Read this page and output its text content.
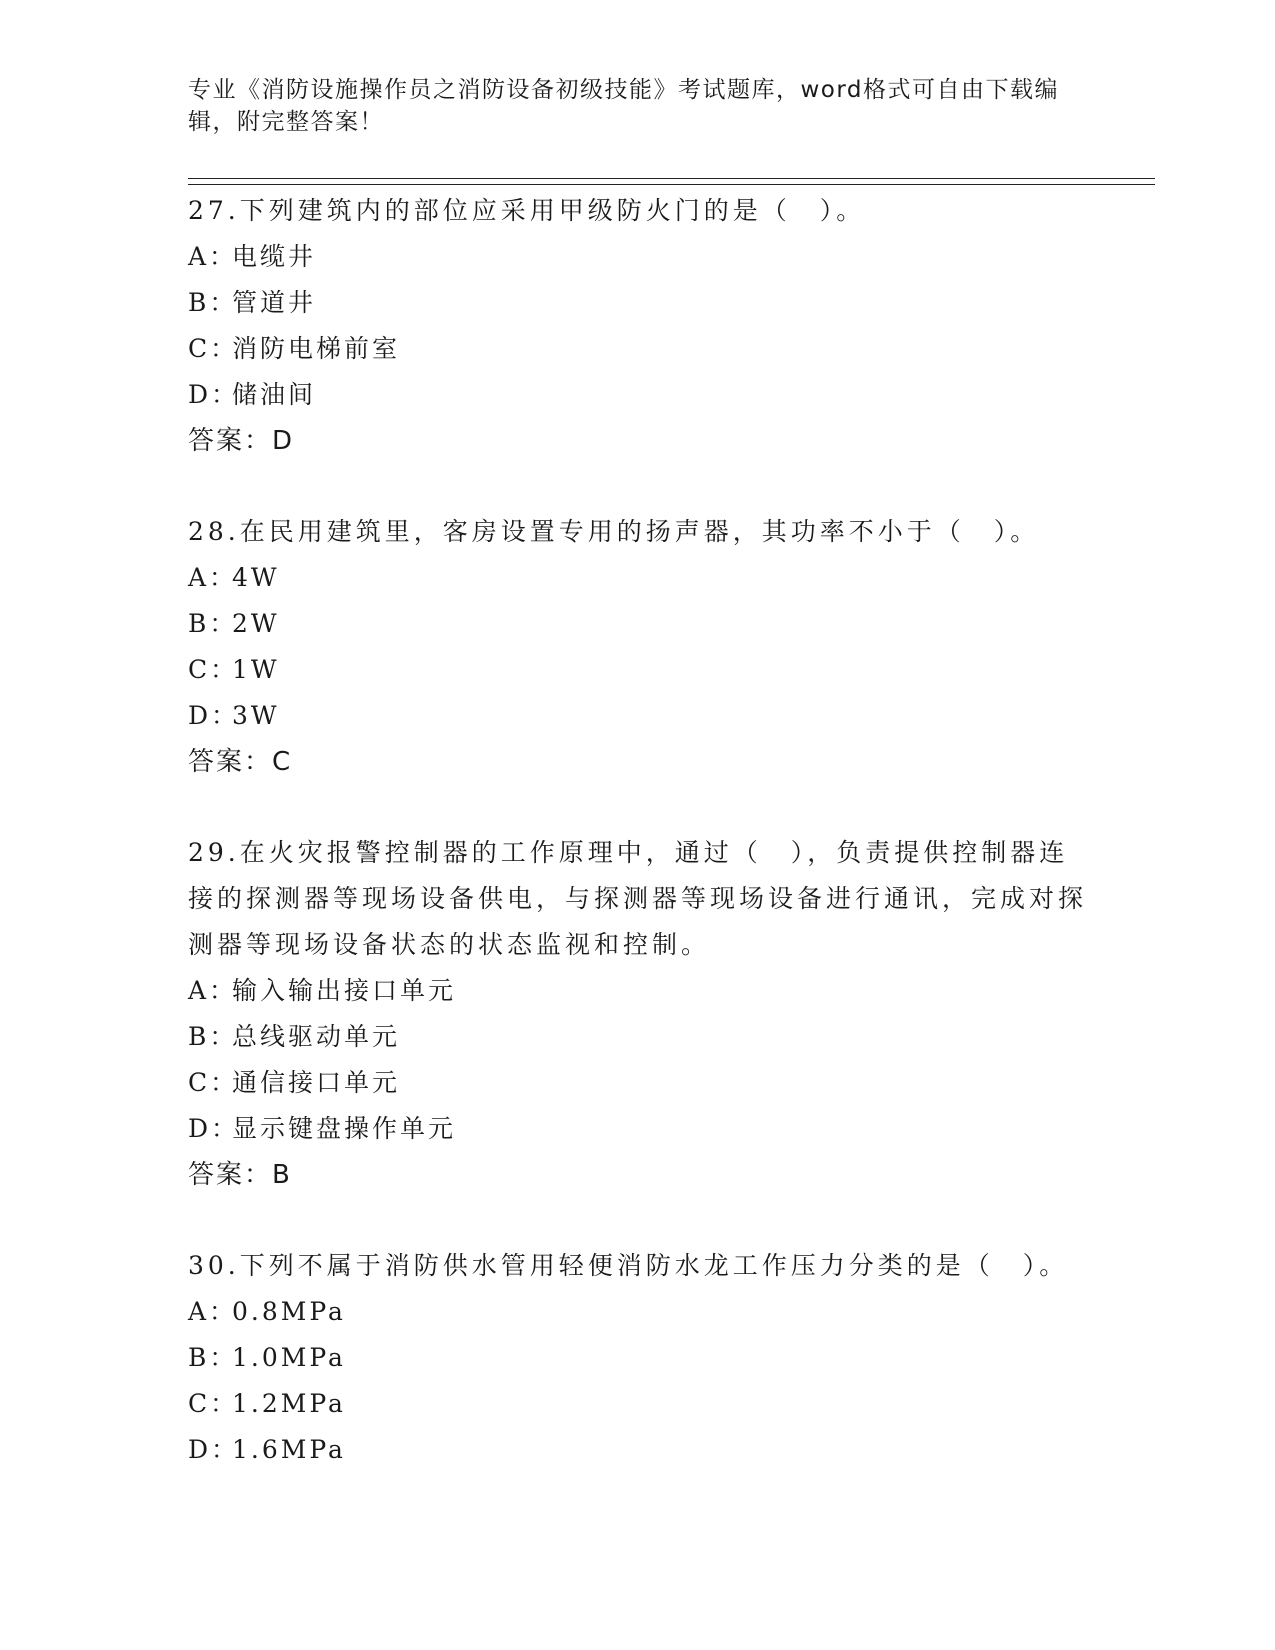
专业《消防设施操作员之消防设备初级技能》考试题库，word格式可自由下载编辑，附完整答案！

27.下列建筑内的部位应采用甲级防火门的是（　）。

A：
电缆井

B：
管道井

C：
消防电梯前室

D：
储油间

答案：D

28.在民用建筑里，客房设置专用的扬声器，其功率不小于（　）。

A：
4W

B：
2W

C：
1W

D：
3W

答案：C

29.在火灾报警控制器的工作原理中，通过（　），负责提供控制器连接的探测器等现场设备供电，与探测器等现场设备进行通讯，完成对探测器等现场设备状态的状态监视和控制。

A：
输入输出接口单元

B：
总线驱动单元

C：
通信接口单元

D：
显示键盘操作单元

答案：B

30.下列不属于消防供水管用轻便消防水龙工作压力分类的是（　）。

A：
0.8MPa

B：
1.0MPa

C：
1.2MPa

D：
1.6MPa
